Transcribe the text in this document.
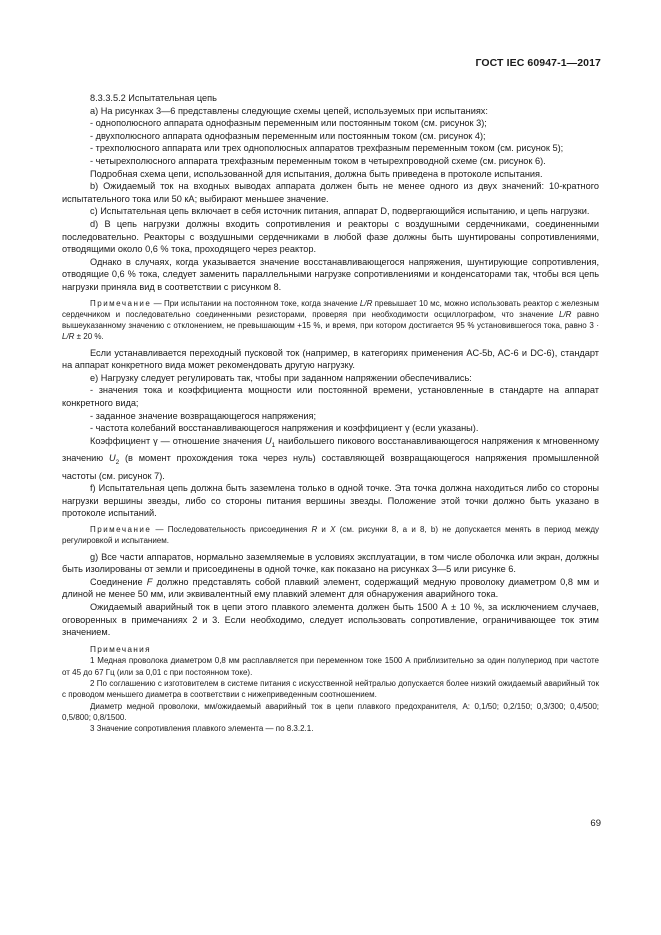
ГОСТ IEC 60947-1—2017

8.3.3.5.2 Испытательная цепь

a) На рисунках 3—6 представлены следующие схемы цепей, используемых при испытаниях:

- однополюсного аппарата однофазным переменным или постоянным током (см. рисунок 3);

- двухполюсного аппарата однофазным переменным или постоянным током (см. рисунок 4);

- трехполюсного аппарата или трех однополюсных аппаратов трехфазным переменным током (см. рисунок 5);

- четырехполюсного аппарата трехфазным переменным током в четырехпроводной схеме (см. рисунок 6).

Подробная схема цепи, использованной для испытания, должна быть приведена в протоколе испытания.

b) Ожидаемый ток на входных выводах аппарата должен быть не менее одного из двух значений: 10-кратного испытательного тока или 50 кА; выбирают меньшее значение.

c) Испытательная цепь включает в себя источник питания, аппарат D, подвергающийся испытанию, и цепь нагрузки.

d) В цепь нагрузки должны входить сопротивления и реакторы с воздушными сердечниками, соединенными последовательно. Реакторы с воздушными сердечниками в любой фазе должны быть шунтированы сопротивлениями, отводящими около 0,6 % тока, проходящего через реактор.

Однако в случаях, когда указывается значение восстанавливающегося напряжения, шунтирующие сопротивления, отводящие 0,6 % тока, следует заменить параллельными нагрузке сопротивлениями и конденсаторами так, чтобы вся цепь нагрузки приняла вид в соответствии с рисунком 8.

Примечание — При испытании на постоянном токе, когда значение L/R превышает 10 мс, можно использовать реактор с железным сердечником и последовательно соединенными резисторами, проверяя при необходимости осциллографом, что значение L/R равно вышеуказанному значению с отклонением, не превышающим +15 %, и время, при котором достигается 95 % установившегося тока, равно 3 · L/R ± 20 %.

Если устанавливается переходный пусковой ток (например, в категориях применения AC-5b, AC-6 и DC-6), стандарт на аппарат конкретного вида может рекомендовать другую нагрузку.

e) Нагрузку следует регулировать так, чтобы при заданном напряжении обеспечивались:

- значения тока и коэффициента мощности или постоянной времени, установленные в стандарте на аппарат конкретного вида;

- заданное значение возвращающегося напряжения;

- частота колебаний восстанавливающегося напряжения и коэффициент γ (если указаны).

Коэффициент γ — отношение значения $U_1$ наибольшего пикового восстанавливающегося напряжения к мгновенному значению $U_2$ (в момент прохождения тока через нуль) составляющей возвращающегося напряжения промышленной частоты (см. рисунок 7).

f) Испытательная цепь должна быть заземлена только в одной точке. Эта точка должна находиться либо со стороны нагрузки вершины звезды, либо со стороны питания вершины звезды. Положение этой точки должно быть указано в протоколе испытаний.

Примечание — Последовательность присоединения R и X (см. рисунки 8, а и 8, b) не допускается менять в период между регулировкой и испытанием.

g) Все части аппаратов, нормально заземляемые в условиях эксплуатации, в том числе оболочка или экран, должны быть изолированы от земли и присоединены в одной точке, как показано на рисунках 3—5 или рисунке 6.

Соединение F должно представлять собой плавкий элемент, содержащий медную проволоку диаметром 0,8 мм и длиной не менее 50 мм, или эквивалентный ему плавкий элемент для обнаружения аварийного тока.

Ожидаемый аварийный ток в цепи этого плавкого элемента должен быть 1500 А ± 10 %, за исключением случаев, оговоренных в примечаниях 2 и 3. Если необходимо, следует использовать сопротивление, ограничивающее ток этим значением.

Примечания

1 Медная проволока диаметром 0,8 мм расплавляется при переменном токе 1500 А приблизительно за один полупериод при частоте от 45 до 67 Гц (или за 0,01 с при постоянном токе).

2 По соглашению с изготовителем в системе питания с искусственной нейтралью допускается более низкий ожидаемый аварийный ток с проводом меньшего диаметра в соответствии с нижеприведенным соотношением.

Диаметр медной проволоки, мм/ожидаемый аварийный ток в цепи плавкого предохранителя, А: 0,1/50; 0,2/150; 0,3/300; 0,4/500; 0,5/800; 0,8/1500.

3 Значение сопротивления плавкого элемента — по 8.3.2.1.

69
